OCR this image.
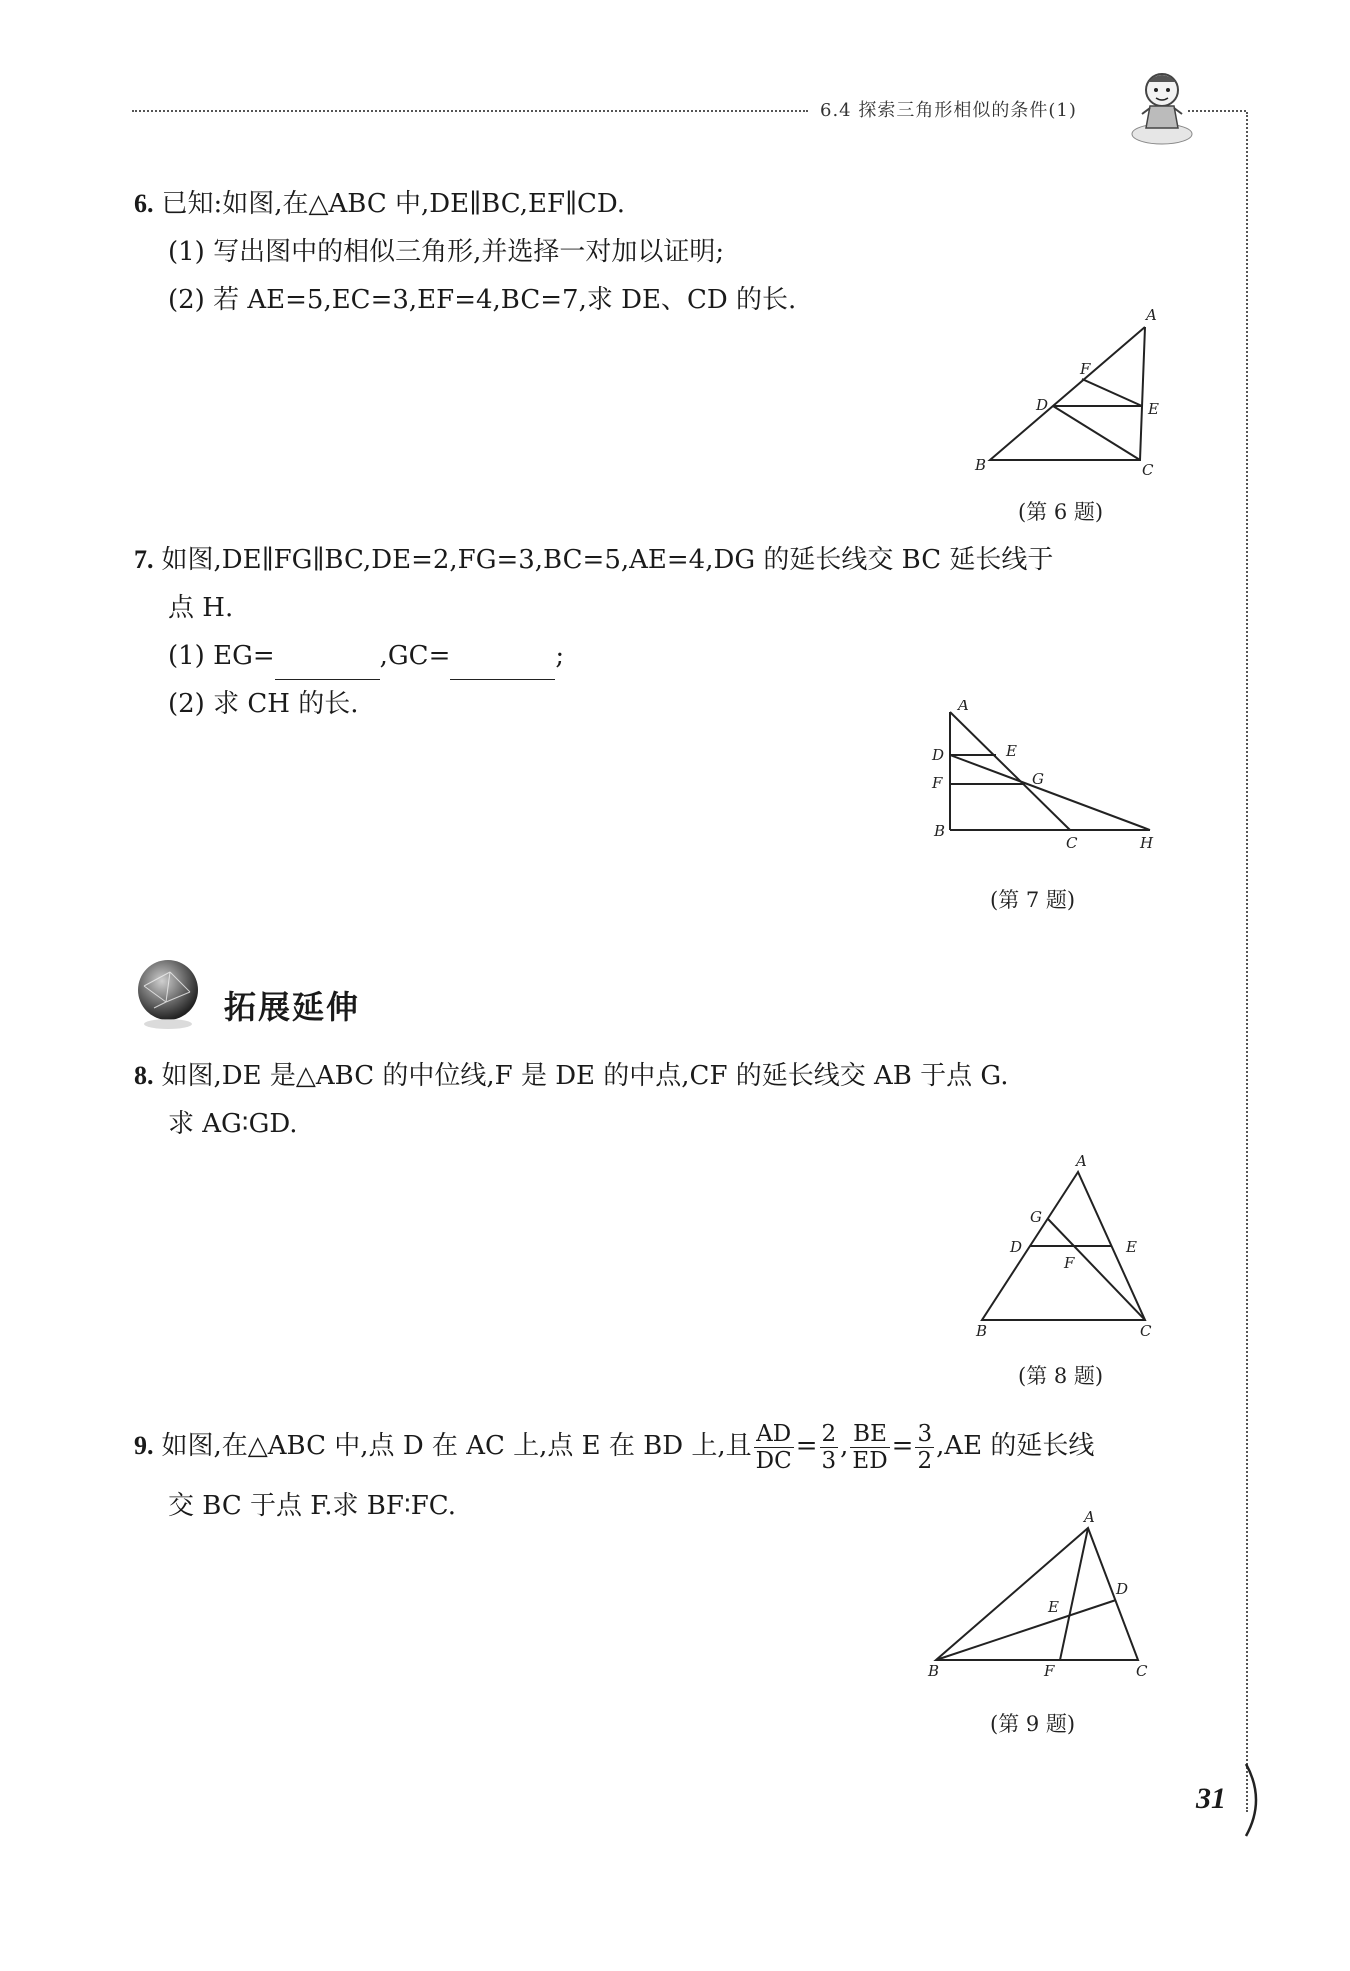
6.4 探索三角形相似的条件(1)
6. 已知:如图,在△ABC 中,DE∥BC,EF∥CD.
(1) 写出图中的相似三角形,并选择一对加以证明;
(2) 若 AE=5,EC=3,EF=4,BC=7,求 DE、CD 的长.	A
F
D	E
B	C
(第 6 题)
7. 如图,DE∥FG∥BC,DE=2,FG=3,BC=5,AE=4,DG 的延长线交 BC 延长线于
点 H.
(1) EG=	,GC=	;
(2) 求 CH 的长.	A
D	E
F	G
B
C	H
(第 7 题)
拓展延伸
8. 如图,DE 是△ABC 的中位线,F 是 DE 的中点,CF 的延长线交 AB 于点 G.
求 AG∶GD.
A
G
D	E
F
B	C
(第 8 题)
9. 如图,在△ABC 中,点 D 在 AC 上,点 E 在 BD 上,且 $\frac{AD}{DC} = \frac{2}{3}$ , $\frac{BE}{ED} = \frac{3}{2} ,AE$ 的延长线
交 BC 于点 F.求 BF∶FC.	A
D
E
B	F	C
(第 9 题)
31
